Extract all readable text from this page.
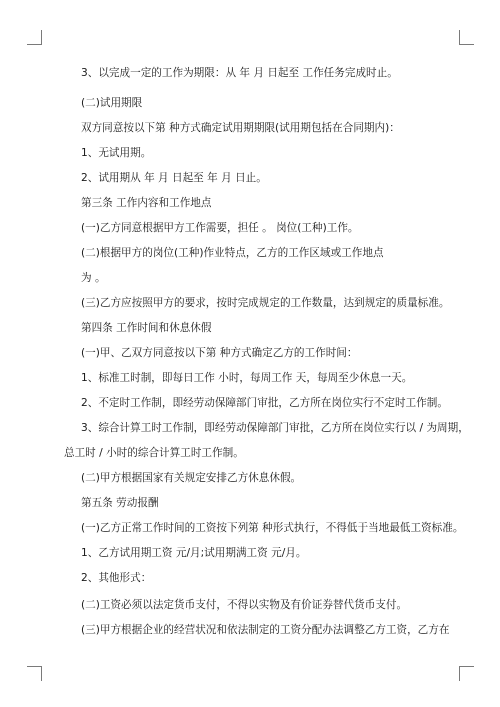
3、以完成一定的工作为期限：从 年 月 日起至 工作任务完成时止。
(二)试用期限
双方同意按以下第 种方式确定试用期期限(试用期包括在合同期内)：
1、无试用期。
2、试用期从 年 月 日起至 年 月 日止。
第三条 工作内容和工作地点
(一)乙方同意根据甲方工作需要，担任 。 岗位(工种)工作。
(二)根据甲方的岗位(工种)作业特点，乙方的工作区域或工作地点
为 。
(三)乙方应按照甲方的要求，按时完成规定的工作数量，达到规定的质量标准。
第四条 工作时间和休息休假
(一)甲、乙双方同意按以下第 种方式确定乙方的工作时间：
1、标准工时制，即每日工作 小时，每周工作 天，每周至少休息一天。
2、不定时工作制，即经劳动保障部门审批，乙方所在岗位实行不定时工作制。
3、综合计算工时工作制，即经劳动保障部门审批，乙方所在岗位实行以 / 为周期，
总工时 / 小时的综合计算工时工作制。
(二)甲方根据国家有关规定安排乙方休息休假。
第五条 劳动报酬
(一)乙方正常工作时间的工资按下列第 种形式执行，不得低于当地最低工资标准。
1、乙方试用期工资 元/月;试用期满工资 元/月。
2、其他形式：
(二)工资必须以法定货币支付，不得以实物及有价证券替代货币支付。
(三)甲方根据企业的经营状况和依法制定的工资分配办法调整乙方工资，乙方在
